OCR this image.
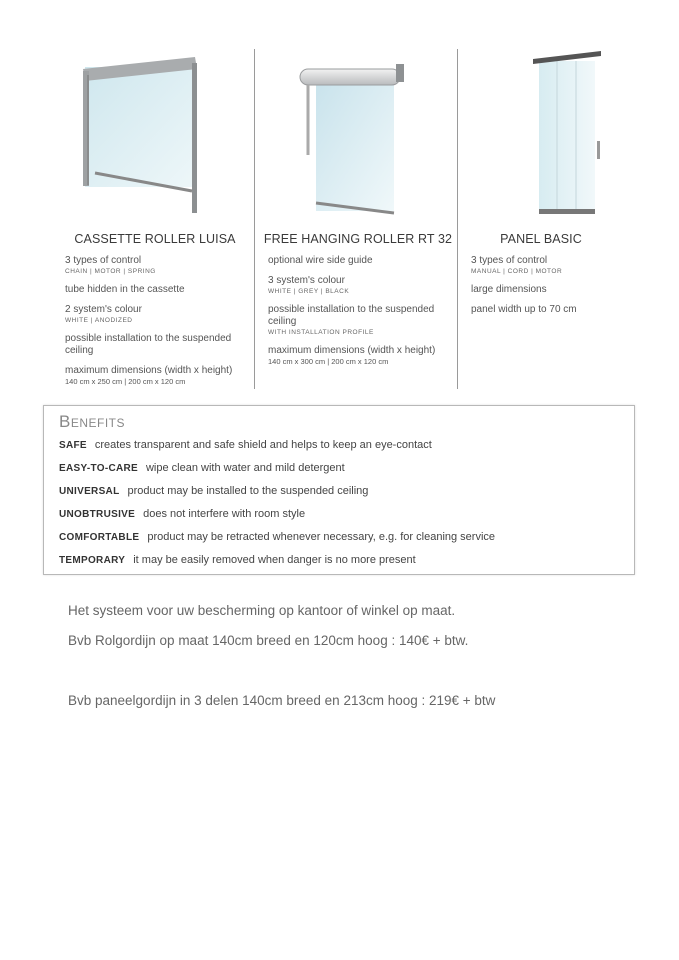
CASSETTE ROLLER LUISA
3 types of control
CHAIN | MOTOR | SPRING
tube hidden in the cassette
2 system's colour
WHITE | ANODIZED
possible installation to the suspended ceiling
maximum dimensions (width x height)
140 cm x 250 cm | 200 cm x 120 cm
FREE HANGING ROLLER RT 32
optional wire side guide
3 system's colour
WHITE | GREY | BLACK
possible installation to the suspended ceiling
WITH INSTALLATION PROFILE
maximum dimensions (width x height)
140 cm x 300 cm | 200 cm x 120 cm
PANEL BASIC
3 types of control
MANUAL | CORD | MOTOR
large dimensions
panel width up to 70 cm
Benefits
SAFE creates transparent and safe shield and helps to keep an eye-contact
EASY-TO-CARE wipe clean with water and mild detergent
UNIVERSAL product may be installed to the suspended ceiling
UNOBTRUSIVE does not interfere with room style
COMFORTABLE product may be retracted whenever necessary, e.g. for cleaning service
TEMPORARY it may be easily removed when danger is no more present
Het systeem voor uw bescherming op kantoor of winkel op maat.
Bvb Rolgordijn op maat 140cm breed en 120cm hoog : 140€ + btw.
Bvb paneelgordijn in 3 delen 140cm breed en 213cm hoog : 219€ + btw
